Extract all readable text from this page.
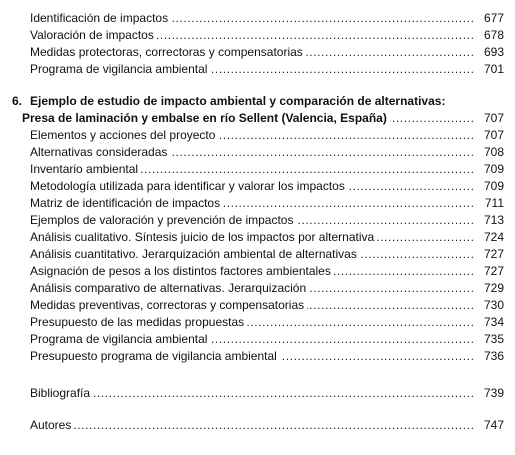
.....
Identificación de impactos	677
.....
Valoración de impactos	678
.....
Medidas protectoras, correctoras y compensatorias	693
.....
Programa de vigilancia ambiental	701
6. Ejemplo de estudio de impacto ambiental y comparación de alternativas:
.....
Presa de laminación y embalse en río Sellent (Valencia, España)	707
.....
Elementos y acciones del proyecto	707
.....
Alternativas consideradas	708
.....
Inventario ambiental	709
.....
Metodología utilizada para identificar y valorar los impactos	709
.....
Matriz de identificación de impactos	711
.....
Ejemplos de valoración y prevención de impactos	713
.....
Análisis cualitativo. Síntesis juicio de los impactos por alternativa	724
.....
Análisis cuantitativo. Jerarquización ambiental de alternativas	727
.....
Asignación de pesos a los distintos factores ambientales	727
.....
Análisis comparativo de alternativas. Jerarquización	729
.....
Medidas preventivas, correctoras y compensatorias	730
.....
Presupuesto de las medidas propuestas	734
.....
Programa de vigilancia ambiental	735
.....
Presupuesto programa de vigilancia ambiental	736
.....
Bibliografía	739
.....
Autores	747
